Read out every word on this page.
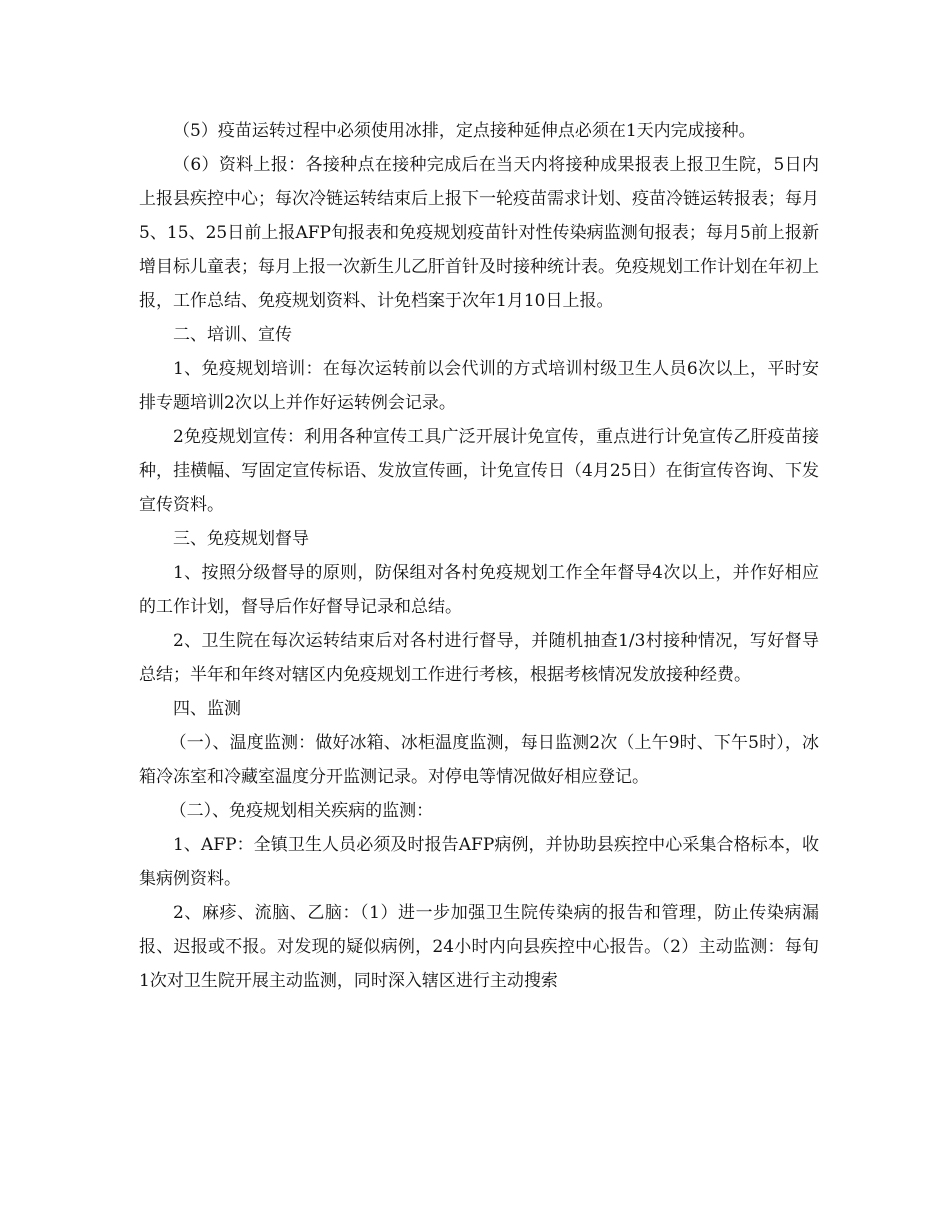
（5）疫苗运转过程中必须使用冰排，定点接种延伸点必须在1天内完成接种。

（6）资料上报：各接种点在接种完成后在当天内将接种成果报表上报卫生院，5日内上报县疾控中心；每次冷链运转结束后上报下一轮疫苗需求计划、疫苗冷链运转报表；每月5、15、25日前上报AFP旬报表和免疫规划疫苗针对性传染病监测旬报表；每月5前上报新增目标儿童表；每月上报一次新生儿乙肝首针及时接种统计表。免疫规划工作计划在年初上报，工作总结、免疫规划资料、计免档案于次年1月10日上报。

二、培训、宣传

1、免疫规划培训：在每次运转前以会代训的方式培训村级卫生人员6次以上，平时安排专题培训2次以上并作好运转例会记录。

2免疫规划宣传：利用各种宣传工具广泛开展计免宣传，重点进行计免宣传乙肝疫苗接种，挂横幅、写固定宣传标语、发放宣传画，计免宣传日（4月25日）在街宣传咨询、下发宣传资料。

三、免疫规划督导

1、按照分级督导的原则，防保组对各村免疫规划工作全年督导4次以上，并作好相应的工作计划，督导后作好督导记录和总结。

2、卫生院在每次运转结束后对各村进行督导，并随机抽查1/3村接种情况，写好督导总结；半年和年终对辖区内免疫规划工作进行考核，根据考核情况发放接种经费。

四、监测

（一）、温度监测：做好冰箱、冰柜温度监测，每日监测2次（上午9时、下午5时），冰箱冷冻室和冷藏室温度分开监测记录。对停电等情况做好相应登记。

（二）、免疫规划相关疾病的监测：

1、AFP：全镇卫生人员必须及时报告AFP病例，并协助县疾控中心采集合格标本，收集病例资料。

2、麻疹、流脑、乙脑：（1）进一步加强卫生院传染病的报告和管理，防止传染病漏报、迟报或不报。对发现的疑似病例，24小时内向县疾控中心报告。（2）主动监测：每旬1次对卫生院开展主动监测，同时深入辖区进行主动搜索
